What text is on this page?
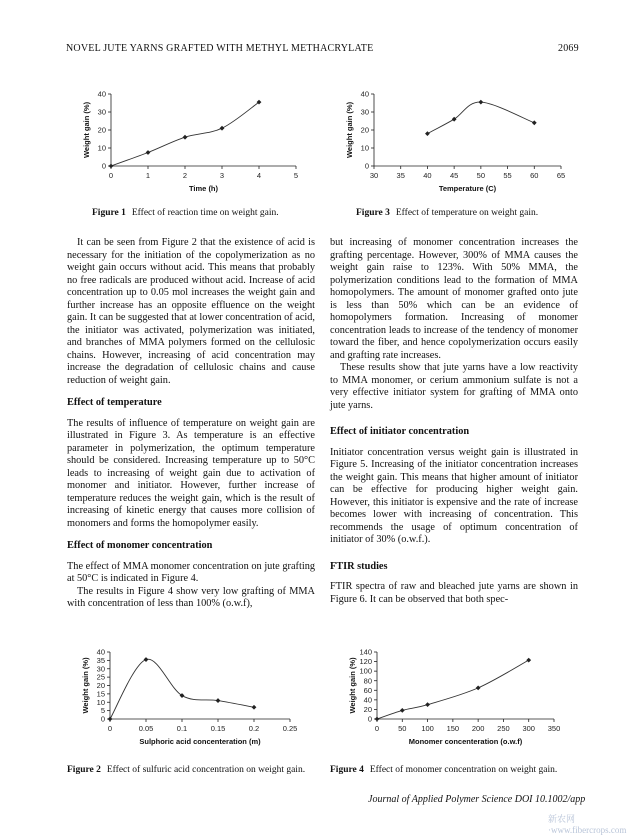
NOVEL JUTE YARNS GRAFTED WITH METHYL METHACRYLATE	2069
0	1	2	3	4	5
0
10
20
30
40
Time (h)
Weight gain (%)
Figure 1 Effect of reaction time on weight gain.
30 35 40 45 50 55 60 65
0
10
20
30
40
Temperature (C)
Weight gain (%)
Figure 3 Effect of temperature on weight gain.

It can be seen from Figure 2 that the existence of acid is necessary for the initiation of the copolymerization as no weight gain occurs without acid. This means that probably no free radicals are produced without acid. Increase of acid concentration up to 0.05 mol increases the weight gain and further increase has an opposite effluence on the weight gain. It can be suggested that at lower concentration of acid, the initiator was activated, polymerization was initiated, and branches of MMA polymers formed on the cellulosic chains. However, increasing of acid concentration may increase the degradation of cellulosic chains and cause reduction of weight gain.

Effect of temperature

The results of influence of temperature on weight gain are illustrated in Figure 3. As temperature is an effective parameter in polymerization, the optimum temperature should be considered. Increasing temperature up to 50°C leads to increasing of weight gain due to activation of monomer and initiator. However, further increase of temperature reduces the weight gain, which is the result of increasing of kinetic energy that causes more collision of monomers and forms the homopolymer easily.

Effect of monomer concentration

The effect of MMA monomer concentration on jute grafting at 50°C is indicated in Figure 4.

The results in Figure 4 show very low grafting of MMA with concentration of less than 100% (o.w.f),

but increasing of monomer concentration increases the grafting percentage. However, 300% of MMA causes the weight gain raise to 123%. With 50% MMA, the polymerization conditions lead to the formation of MMA homopolymers. The amount of monomer grafted onto jute is less than 50% which can be an evidence of homopolymers formation. Increasing of monomer concentration leads to increase of the tendency of monomer toward the fiber, and hence copolymerization occurs easily and grafting rate increases.

These results show that jute yarns have a low reactivity to MMA monomer, or cerium ammonium sulfate is not a very effective initiator system for grafting of MMA onto jute yarns.

Effect of initiator concentration

Initiator concentration versus weight gain is illustrated in Figure 5. Increasing of the initiator concentration increases the weight gain. This means that higher amount of initiator can be effective for producing higher weight gain. However, this initiator is expensive and the rate of increase becomes lower with increasing of concentration. This recommends the usage of optimum concentration of initiator of 30% (o.w.f.).

FTIR studies

FTIR spectra of raw and bleached jute yarns are shown in Figure 6. It can be observed that both spec-

0	0.05	0.1	0.15	0.2	0.25
0
5
10
15
20
25
30
35
40
Sulphoric acid concenteration (m)
Weight gain (%)
Figure 2 Effect of sulfuric acid concentration on weight gain.
0	50 100 150 200 250 300 350
0
20
40
60
80
100
120
140
Monomer concenteration (o.w.f)
Weight gain (%)
Figure 4 Effect of monomer concentration on weight gain.
Journal of Applied Polymer Science DOI 10.1002/app
新农网·www.fibercrops.com
